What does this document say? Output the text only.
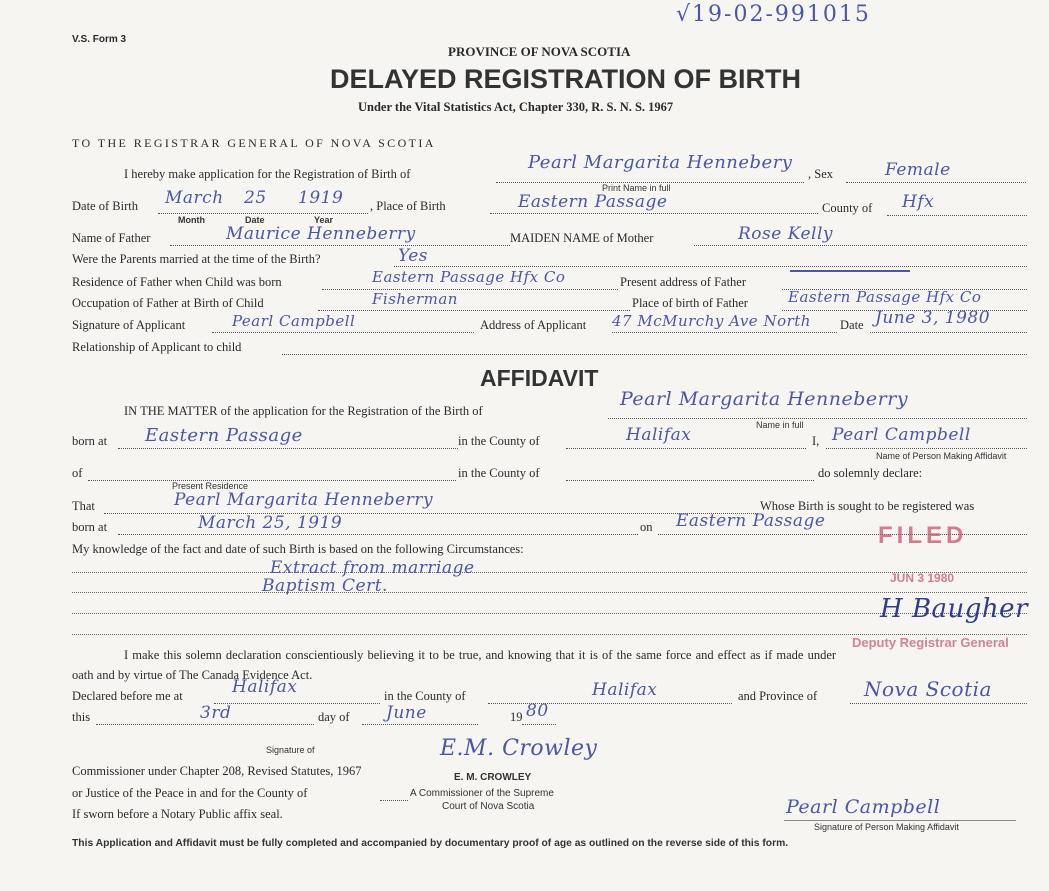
V.S. Form 3
√19-02-991015
PROVINCE OF NOVA SCOTIA
DELAYED REGISTRATION OF BIRTH
Under the Vital Statistics Act, Chapter 330, R. S. N. S. 1967
TO THE REGISTRAR GENERAL OF NOVA SCOTIA
I hereby make application for the Registration of Birth of
Pearl Margarita Hennebery
Print Name in full
, Sex	Female
Date of Birth March 25 1919
Month	Date	Year
, Place of Birth	Eastern Passage	County of Hfx
Name of Father	Maurice Henneberry	MAIDEN NAME of Mother	Rose Kelly
Were the Parents married at the time of the Birth?	Yes
Residence of Father when Child was born	Eastern Passage Hfx Co	Present address of Father
Occupation of Father at Birth of Child	Fisherman	Place of birth of Father	Eastern Passage Hfx Co
Signature of Applicant	Pearl Campbell	Address of Applicant 47 McMurchy Ave North Date June 3, 1980
Relationship of Applicant to child
AFFIDAVIT
IN THE MATTER of the application for the Registration of the Birth of
Pearl Margarita Henneberry
Name in full
born at Eastern Passage	in the County of	Halifax	I, Pearl Campbell
Name of Person Making Affidavit
of	in the County of	do solemnly declare:
Present Residence
That	Pearl Margarita Henneberry	Whose Birth is sought to be registered was
born at	March 25, 1919	on Eastern Passage
My knowledge of the fact and date of such Birth is based on the following Circumstances:
Extract from marriage
Baptism Cert.
I make this solemn declaration conscientiously believing it to be true, and knowing that it is of the same force and effect as if made under
oath and by virtue of The Canada Evidence Act.
Declared before me at	Halifax	in the County of	Halifax	and Province of Nova Scotia
this	3rd	day of June	19 80
Signature of
Commissioner under Chapter 208, Revised Statutes, 1967
E.M. Crowley
E. M. CROWLEY
or Justice of the Peace in and for the County of	A Commissioner of the Supreme
Court of Nova Scotia
If sworn before a Notary Public affix seal.	Pearl Campbell
Signature of Person Making Affidavit
FILED
JUN 3 1980
H Baugher
Deputy Registrar General
This Application and Affidavit must be fully completed and accompanied by documentary proof of age as outlined on the reverse side of this form.
